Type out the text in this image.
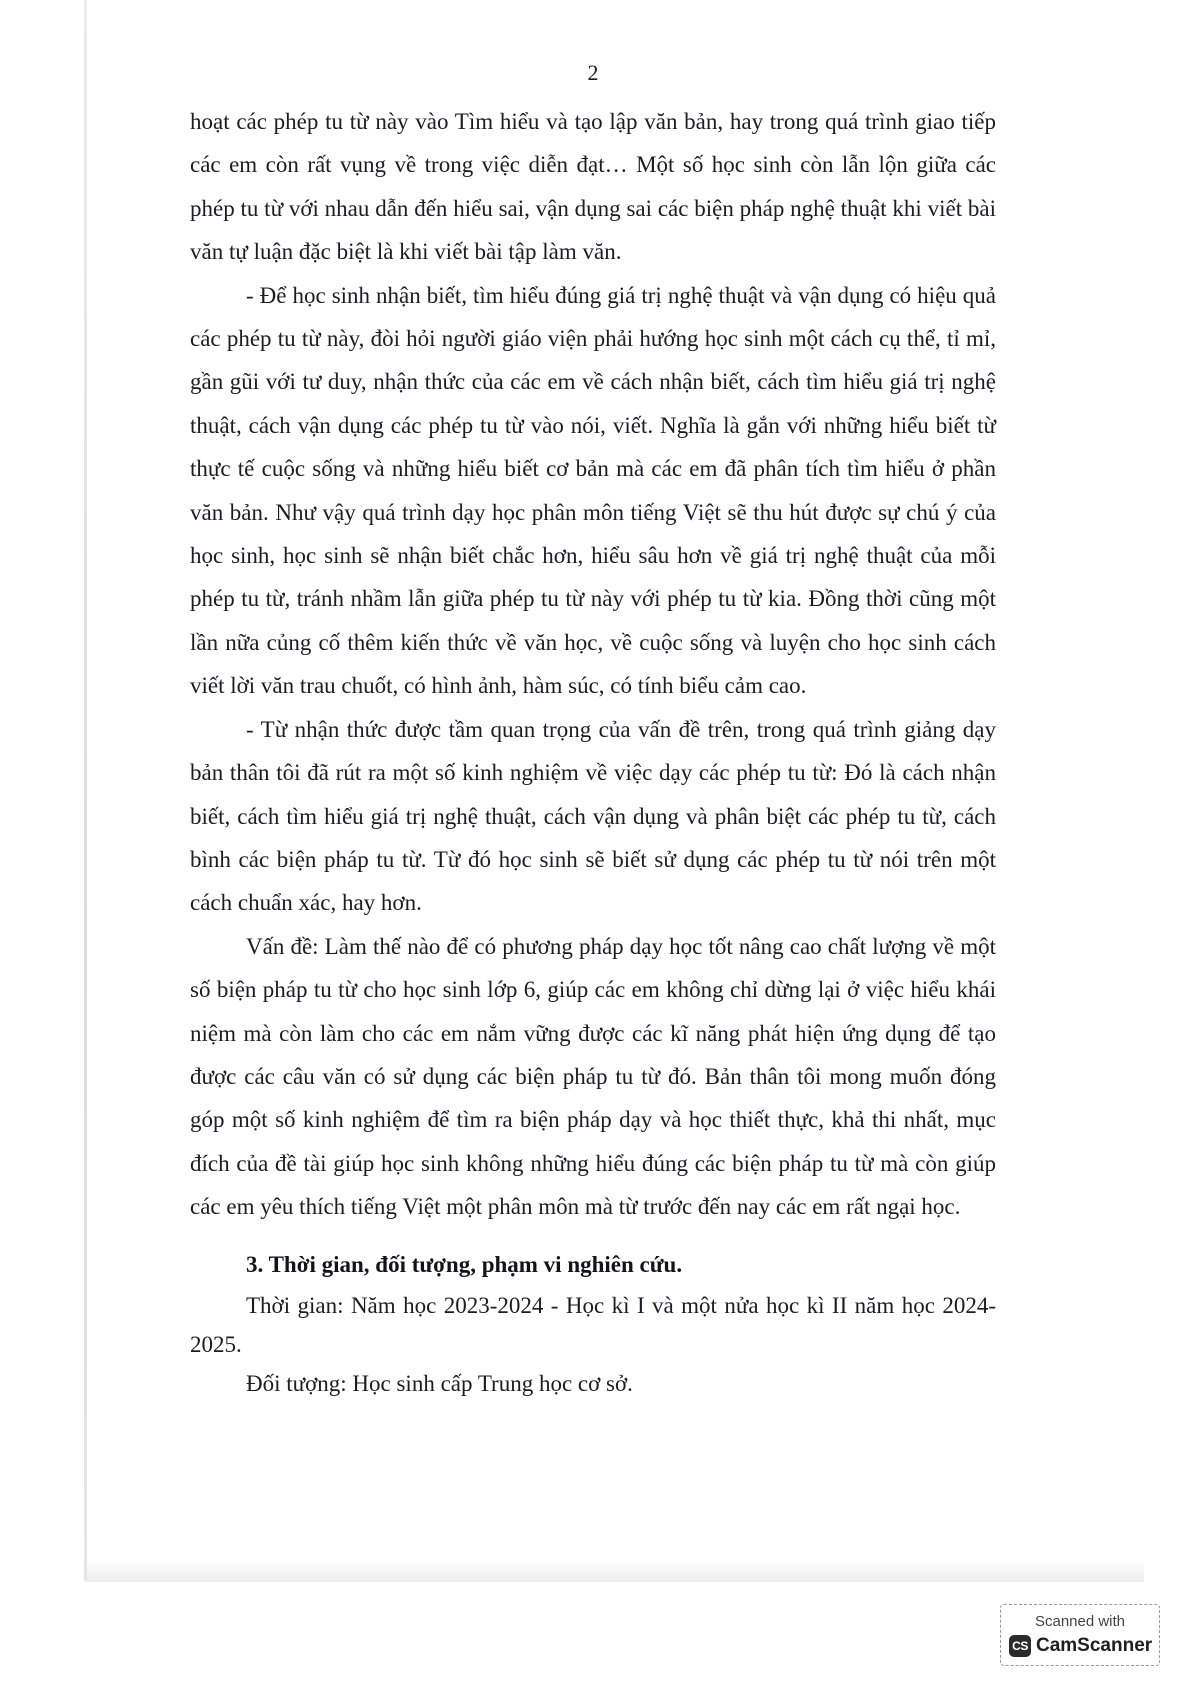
2

hoạt các phép tu từ này vào Tìm hiểu và tạo lập văn bản, hay trong quá trình giao tiếp các em còn rất vụng về trong việc diễn đạt… Một số học sinh còn lẫn lộn giữa các phép tu từ với nhau dẫn đến hiểu sai, vận dụng sai các biện pháp nghệ thuật khi viết bài văn tự luận đặc biệt là khi viết bài tập làm văn.

- Để học sinh nhận biết, tìm hiểu đúng giá trị nghệ thuật và vận dụng có hiệu quả các phép tu từ này, đòi hỏi người giáo viện phải hướng học sinh một cách cụ thể, tỉ mỉ, gần gũi với tư duy, nhận thức của các em về cách nhận biết, cách tìm hiểu giá trị nghệ thuật, cách vận dụng các phép tu từ vào nói, viết. Nghĩa là gắn với những hiểu biết từ thực tế cuộc sống và những hiểu biết cơ bản mà các em đã phân tích tìm hiểu ở phần văn bản. Như vậy quá trình dạy học phân môn tiếng Việt sẽ thu hút được sự chú ý của học sinh, học sinh sẽ nhận biết chắc hơn, hiểu sâu hơn về giá trị nghệ thuật của mỗi phép tu từ, tránh nhầm lẫn giữa phép tu từ này với phép tu từ kia. Đồng thời cũng một lần nữa củng cố thêm kiến thức về văn học, về cuộc sống và luyện cho học sinh cách viết lời văn trau chuốt, có hình ảnh, hàm súc, có tính biểu cảm cao.

- Từ nhận thức được tầm quan trọng của vấn đề trên, trong quá trình giảng dạy bản thân tôi đã rút ra một số kinh nghiệm về việc dạy các phép tu từ: Đó là cách nhận biết, cách tìm hiểu giá trị nghệ thuật, cách vận dụng và phân biệt các phép tu từ, cách bình các biện pháp tu từ. Từ đó học sinh sẽ biết sử dụng các phép tu từ nói trên một cách chuẩn xác, hay hơn.

Vấn đề: Làm thế nào để có phương pháp dạy học tốt nâng cao chất lượng về một số biện pháp tu từ cho học sinh lớp 6, giúp các em không chỉ dừng lại ở việc hiểu khái niệm mà còn làm cho các em nắm vững được các kĩ năng phát hiện ứng dụng để tạo được các câu văn có sử dụng các biện pháp tu từ đó. Bản thân tôi mong muốn đóng góp một số kinh nghiệm để tìm ra biện pháp dạy và học thiết thực, khả thi nhất, mục đích của đề tài giúp học sinh không những hiểu đúng các biện pháp tu từ mà còn giúp các em yêu thích tiếng Việt một phân môn mà từ trước đến nay các em rất ngại học.

3. Thời gian, đối tượng, phạm vi nghiên cứu.

Thời gian: Năm học 2023-2024 - Học kì I và một nửa học kì II năm học 2024-2025.

Đối tượng: Học sinh cấp Trung học cơ sở.

Scanned with
CS CamScanner
